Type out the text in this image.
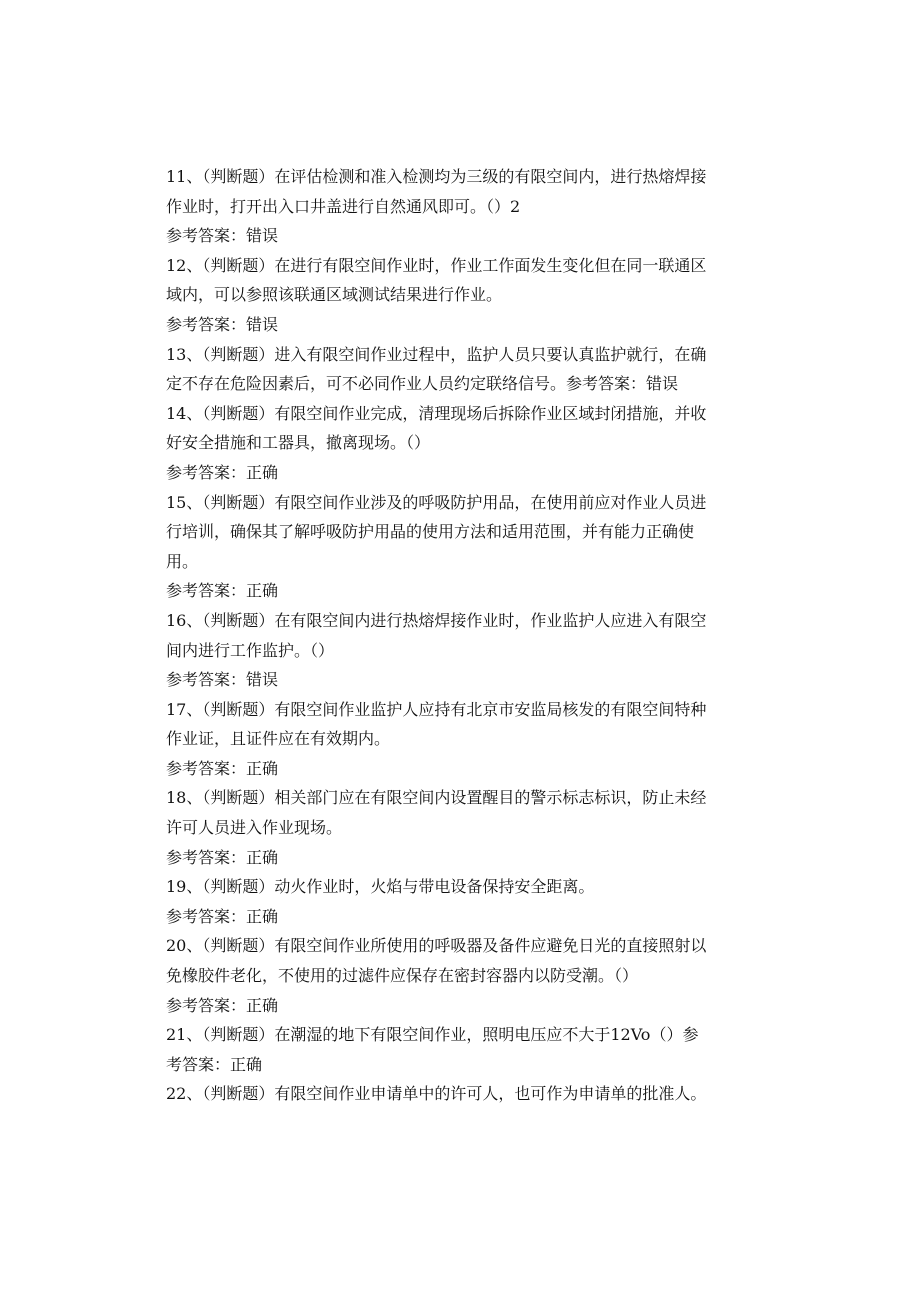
11、（判断题）在评估检测和准入检测均为三级的有限空间内，进行热熔焊接
作业时，打开出入口井盖进行自然通风即可。（）2
参考答案：错误
12、（判断题）在进行有限空间作业时，作业工作面发生变化但在同一联通区
域内，可以参照该联通区域测试结果进行作业。
参考答案：错误
13、（判断题）进入有限空间作业过程中，监护人员只要认真监护就行，在确
定不存在危险因素后，可不必同作业人员约定联络信号。参考答案：错误
14、（判断题）有限空间作业完成，清理现场后拆除作业区域封闭措施，并收
好安全措施和工器具，撤离现场。（）
参考答案：正确
15、（判断题）有限空间作业涉及的呼吸防护用品，在使用前应对作业人员进
行培训，确保其了解呼吸防护用晶的使用方法和适用范围，并有能力正确使
用。
参考答案：正确
16、（判断题）在有限空间内进行热熔焊接作业时，作业监护人应进入有限空
间内进行工作监护。（）
参考答案：错误
17、（判断题）有限空间作业监护人应持有北京市安监局核发的有限空间特种
作业证，且证件应在有效期内。
参考答案：正确
18、（判断题）相关部门应在有限空间内设置醒目的警示标志标识，防止未经
许可人员进入作业现场。
参考答案：正确
19、（判断题）动火作业时，火焰与带电设备保持安全距离。
参考答案：正确
20、（判断题）有限空间作业所使用的呼吸器及备件应避免日光的直接照射以
免橡胶件老化，不使用的过滤件应保存在密封容器内以防受潮。（）
参考答案：正确
21、（判断题）在潮湿的地下有限空间作业，照明电压应不大于12Vo（）参
考答案：正确
22、（判断题）有限空间作业申请单中的许可人，也可作为申请单的批准人。
